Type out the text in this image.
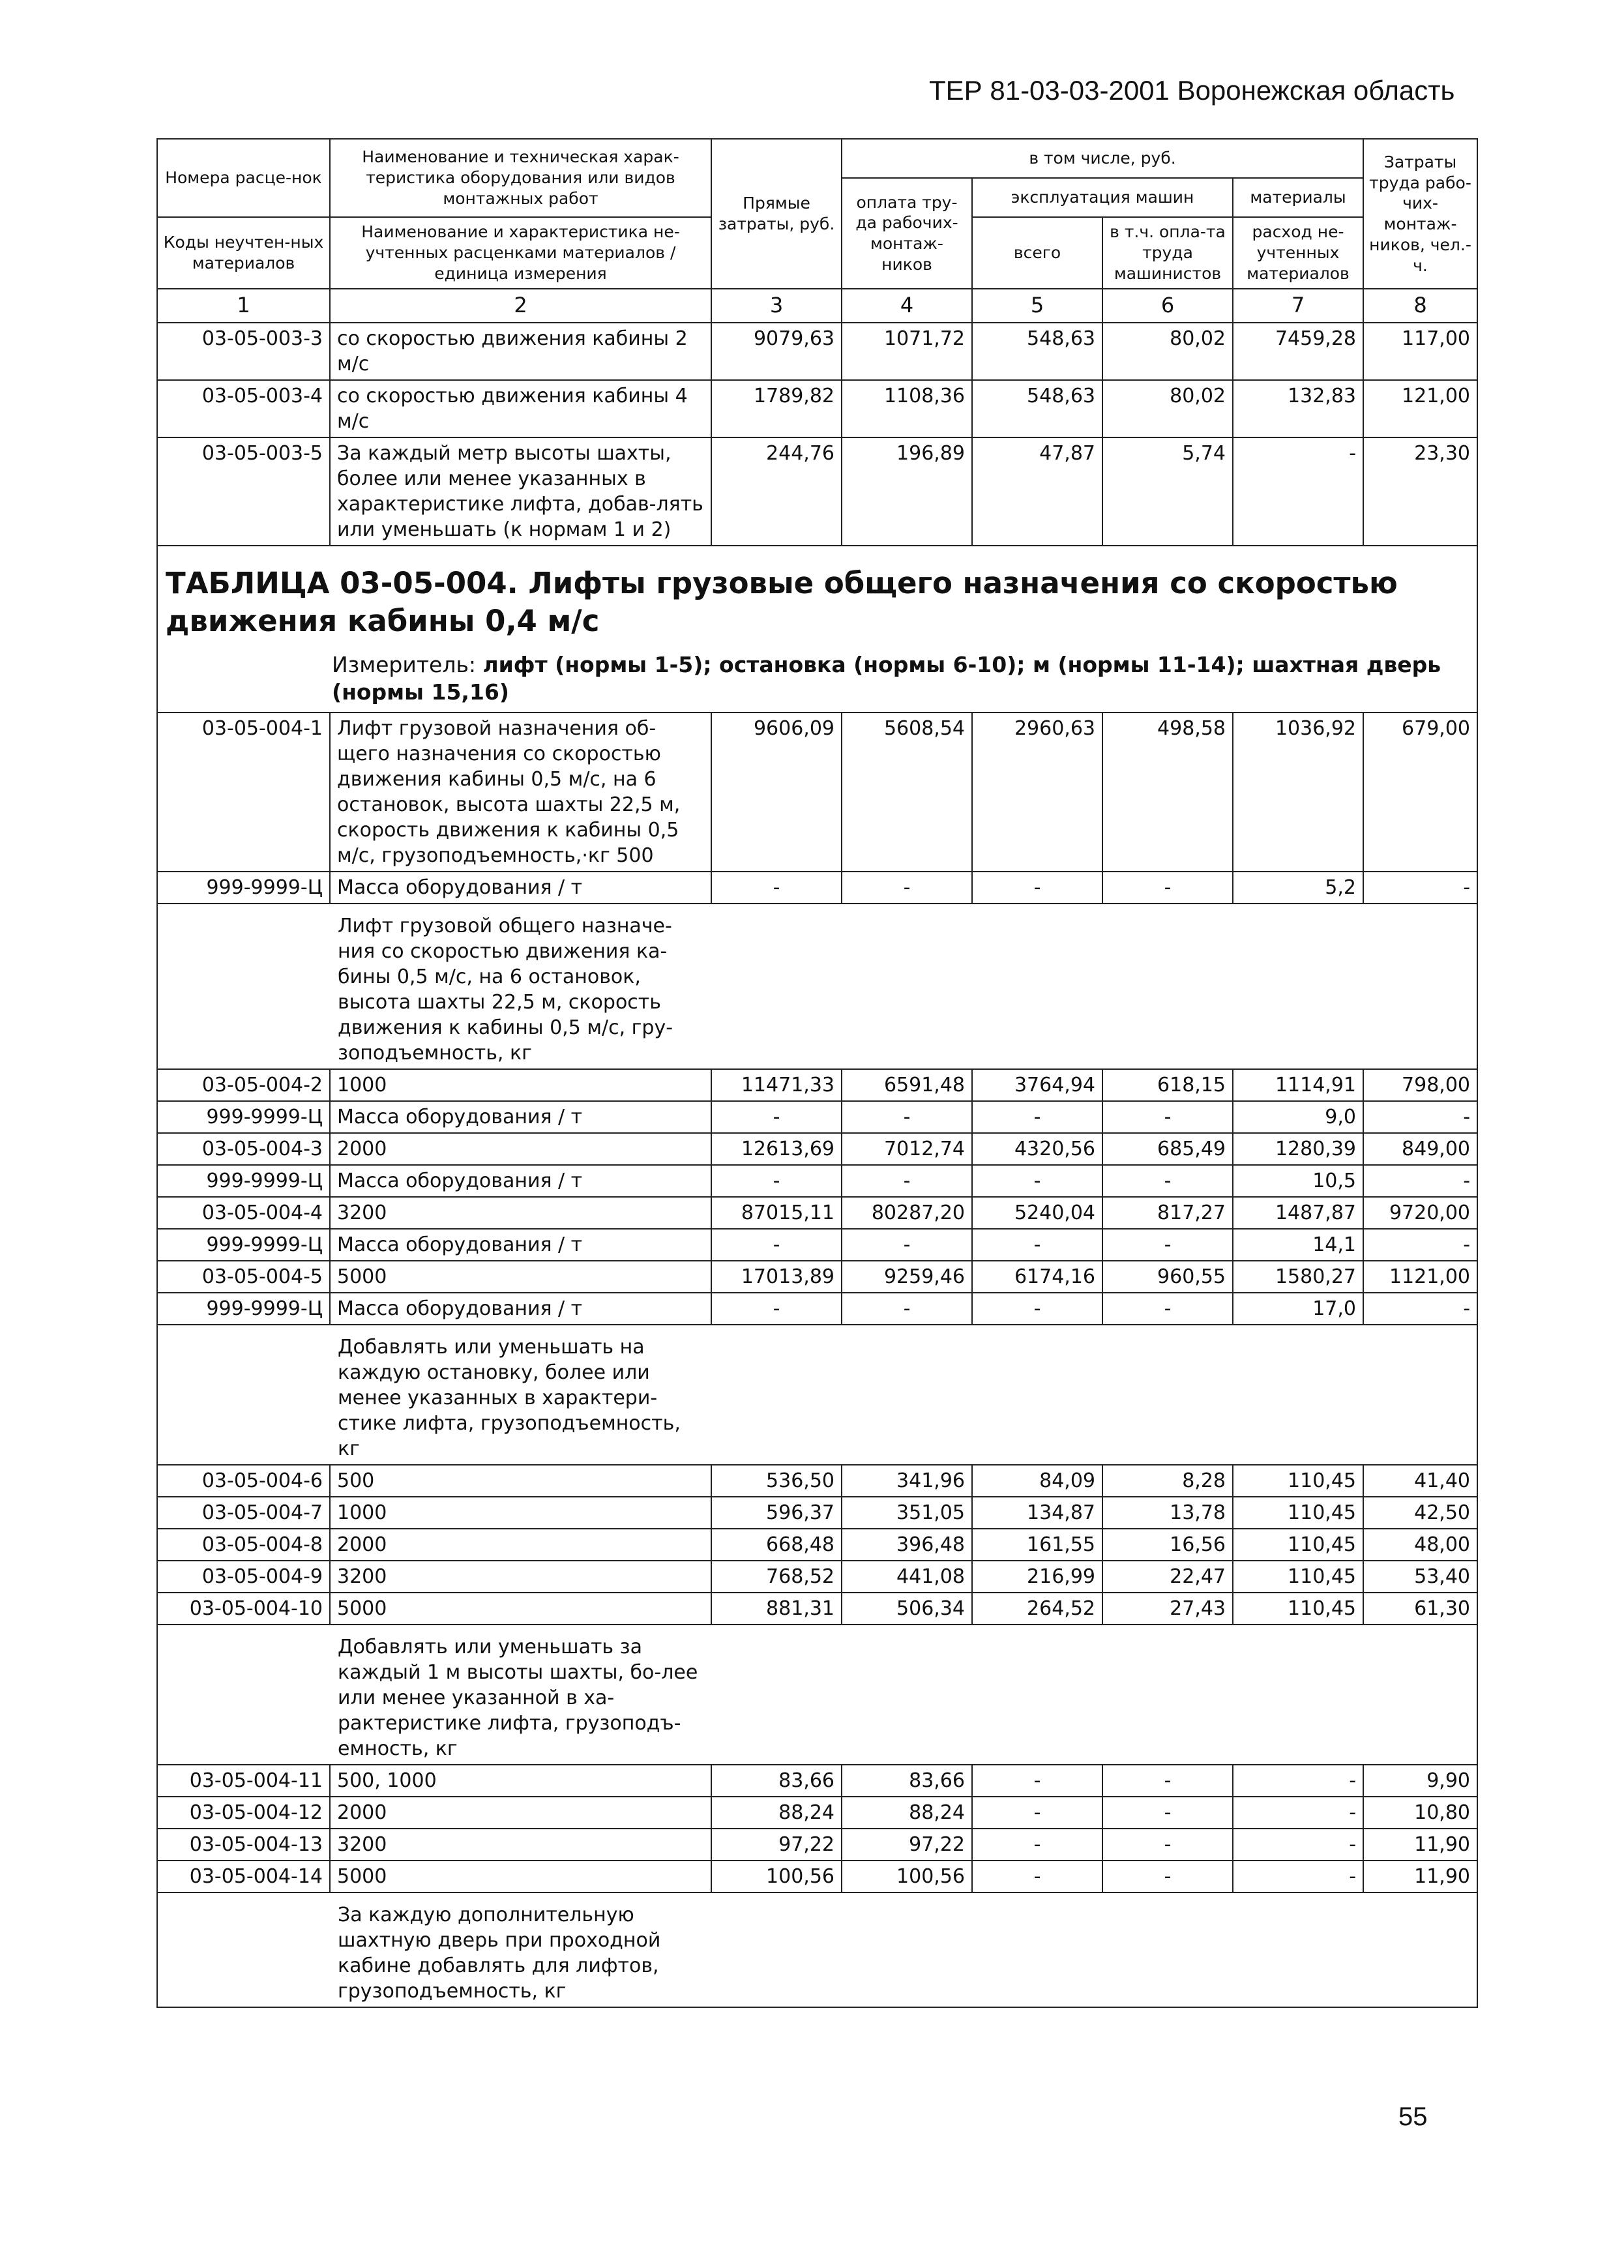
ТЕР 81-03-03-2001 Воронежская область
Номера расце-нок	Наименование и техническая харак-теристика оборудования или видов монтажных работ	Прямые затраты, руб.	в том числе, руб.				Затраты труда рабо-чих-монтаж-ников, чел.-ч.
			оплата тру-да рабочих-монтаж-ников	эксплуатация машин		материалы	
Коды неучтен-ных материалов	Наименование и характеристика не-учтенных расценками материалов / единица измерения			всего	в т.ч. опла-та труда машинистов	расход не-учтенных материалов	

1	2	3	4	5	6	7	8
03-05-003-3	со скоростью движения кабины 2 м/с	9079,63	1071,72	548,63	80,02	7459,28	117,00
03-05-003-4	со скоростью движения кабины 4 м/с	1789,82	1108,36	548,63	80,02	132,83	121,00
03-05-003-5	За каждый метр высоты шахты, более или менее указанных в характеристике лифта, добав-лять или уменьшать (к нормам 1 и 2)	244,76	196,89	47,87	5,74	-	23,30

ТАБЛИЦА 03-05-004. Лифты грузовые общего назначения со скоростью движения кабины 0,4 м/с
Измеритель: лифт (нормы 1-5); остановка (нормы 6-10); м (нормы 11-14); шахтная дверь (нормы 15,16)							

03-05-004-1	Лифт грузовой назначения об-щего назначения со скоростью движения кабины 0,5 м/с, на 6 остановок, высота шахты 22,5 м, скорость движения к кабины 0,5 м/с, грузоподъемность,·кг 500	9606,09	5608,54	2960,63	498,58	1036,92	679,00
999-9999-Ц	Масса оборудования / т	-	-	-	-	5,2	-

	Лифт грузовой общего назначе-ния со скоростью движения ка-бины 0,5 м/с, на 6 остановок, высота шахты 22,5 м, скорость движения к кабины 0,5 м/с, гру-зоподъемность, кг						

03-05-004-2	1000	11471,33	6591,48	3764,94	618,15	1114,91	798,00
999-9999-Ц	Масса оборудования / т	-	-	-	-	9,0	-
03-05-004-3	2000	12613,69	7012,74	4320,56	685,49	1280,39	849,00
999-9999-Ц	Масса оборудования / т	-	-	-	-	10,5	-
03-05-004-4	3200	87015,11	80287,20	5240,04	817,27	1487,87	9720,00
999-9999-Ц	Масса оборудования / т	-	-	-	-	14,1	-
03-05-004-5	5000	17013,89	9259,46	6174,16	960,55	1580,27	1121,00
999-9999-Ц	Масса оборудования / т	-	-	-	-	17,0	-

	Добавлять или уменьшать на каждую остановку, более или менее указанных в характери-стике лифта, грузоподъемность, кг						

03-05-004-6	500	536,50	341,96	84,09	8,28	110,45	41,40
03-05-004-7	1000	596,37	351,05	134,87	13,78	110,45	42,50
03-05-004-8	2000	668,48	396,48	161,55	16,56	110,45	48,00
03-05-004-9	3200	768,52	441,08	216,99	22,47	110,45	53,40
03-05-004-10	5000	881,31	506,34	264,52	27,43	110,45	61,30

	Добавлять или уменьшать за каждый 1 м высоты шахты, бо-лее или менее указанной в ха-рактеристике лифта, грузоподъ-емность, кг						

03-05-004-11	500, 1000	83,66	83,66	-	-	-	9,90
03-05-004-12	2000	88,24	88,24	-	-	-	10,80
03-05-004-13	3200	97,22	97,22	-	-	-	11,90
03-05-004-14	5000	100,56	100,56	-	-	-	11,90

	За каждую дополнительную шахтную дверь при проходной кабине добавлять для лифтов, грузоподъемность, кг						
55
